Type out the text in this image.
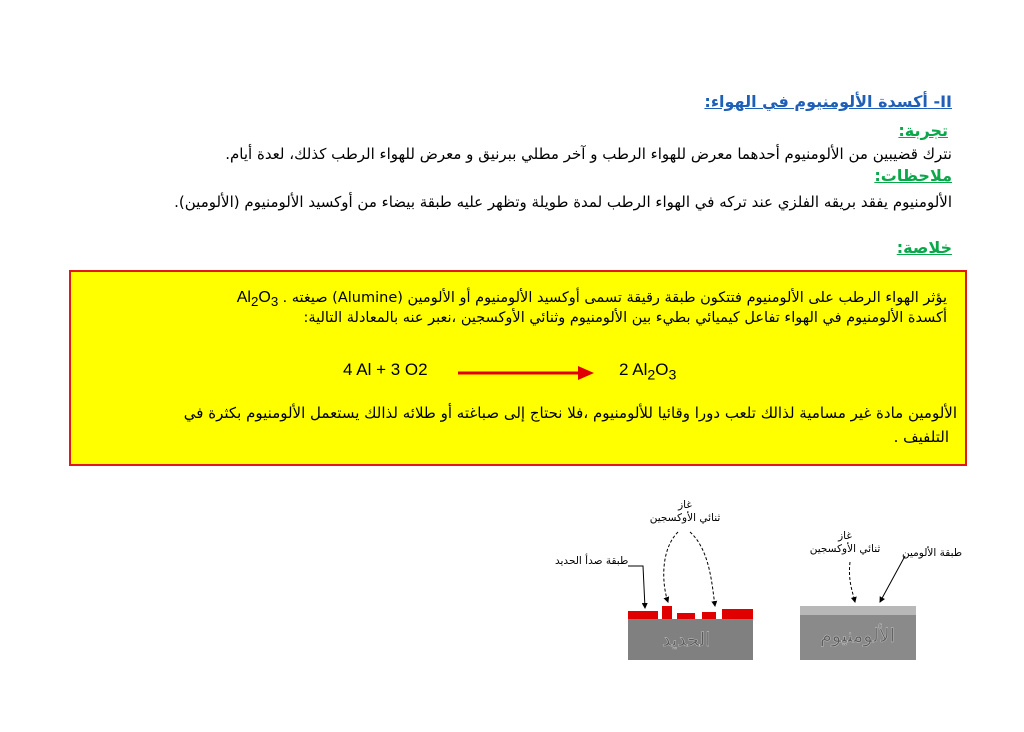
II- أكسدة الألومنيوم في الهواء:
تجربة:
نترك قضيبين من الألومنيوم أحدهما معرض للهواء الرطب و آخر مطلي ببرنيق و معرض للهواء الرطب كذلك، لعدة أيام.
ملاحظات:
الألومنيوم يفقد بريقه الفلزي عند تركه في الهواء الرطب لمدة طويلة وتظهر عليه طبقة بيضاء من أوكسيد الألومنيوم (الألومين).
خلاصة:
يؤثر الهواء الرطب على الألومنيوم فتتكون طبقة رقيقة تسمى أوكسيد الألومنيوم أو الألومين (Alumine) صيغته $Al_2O_3$ .
أكسدة الألومنيوم في الهواء تفاعل كيميائي بطيء بين الألومنيوم وثنائي الأوكسجين ،نعبر عنه بالمعادلة التالية:
4 Al + 3 O2	2 $Al_2O_3$
الألومين مادة غير مسامية لذالك تلعب دورا وقائيا للألومنيوم ،فلا نحتاج إلى صباغته أو طلائه لذالك يستعمل الألومنيوم بكثرة في
التلفيف .
الحديد	الألومنيوم
طبقة صدأ الحديد
غاز
ثنائي الأوكسجين
غاز
ثنائي الأوكسجين	طبقة الألومين
